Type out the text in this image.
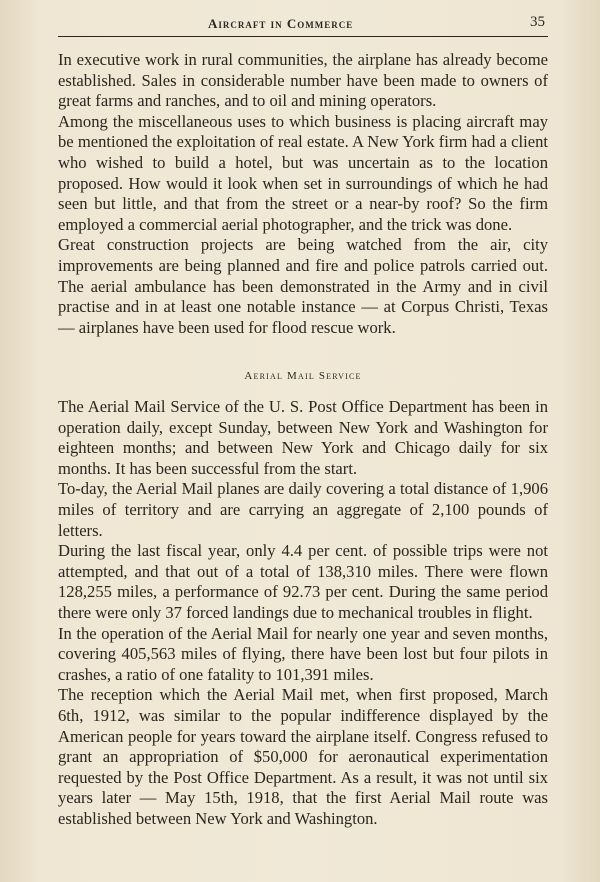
Aircraft in Commerce	35

In executive work in rural communities, the airplane has already become established. Sales in considerable number have been made to owners of great farms and ranches, and to oil and mining operators.

Among the miscellaneous uses to which business is placing aircraft may be mentioned the exploitation of real estate. A New York firm had a client who wished to build a hotel, but was uncertain as to the location proposed. How would it look when set in surroundings of which he had seen but little, and that from the street or a near-by roof? So the firm employed a commercial aerial photographer, and the trick was done.

Great construction projects are being watched from the air, city improvements are being planned and fire and police patrols carried out. The aerial ambulance has been demonstrated in the Army and in civil practise and in at least one notable instance — at Corpus Christi, Texas — airplanes have been used for flood rescue work.

Aerial Mail Service

The Aerial Mail Service of the U. S. Post Office Department has been in operation daily, except Sunday, between New York and Washington for eighteen months; and between New York and Chicago daily for six months. It has been successful from the start.

To-day, the Aerial Mail planes are daily covering a total distance of 1,906 miles of territory and are carrying an aggregate of 2,100 pounds of letters.

During the last fiscal year, only 4.4 per cent. of possible trips were not attempted, and that out of a total of 138,310 miles. There were flown 128,255 miles, a performance of 92.73 per cent. During the same period there were only 37 forced landings due to mechanical troubles in flight.

In the operation of the Aerial Mail for nearly one year and seven months, covering 405,563 miles of flying, there have been lost but four pilots in crashes, a ratio of one fatality to 101,391 miles.

The reception which the Aerial Mail met, when first proposed, March 6th, 1912, was similar to the popular indifference displayed by the American people for years toward the airplane itself. Congress refused to grant an appropriation of $50,000 for aeronautical experimentation requested by the Post Office Department. As a result, it was not until six years later — May 15th, 1918, that the first Aerial Mail route was established between New York and Washington.
